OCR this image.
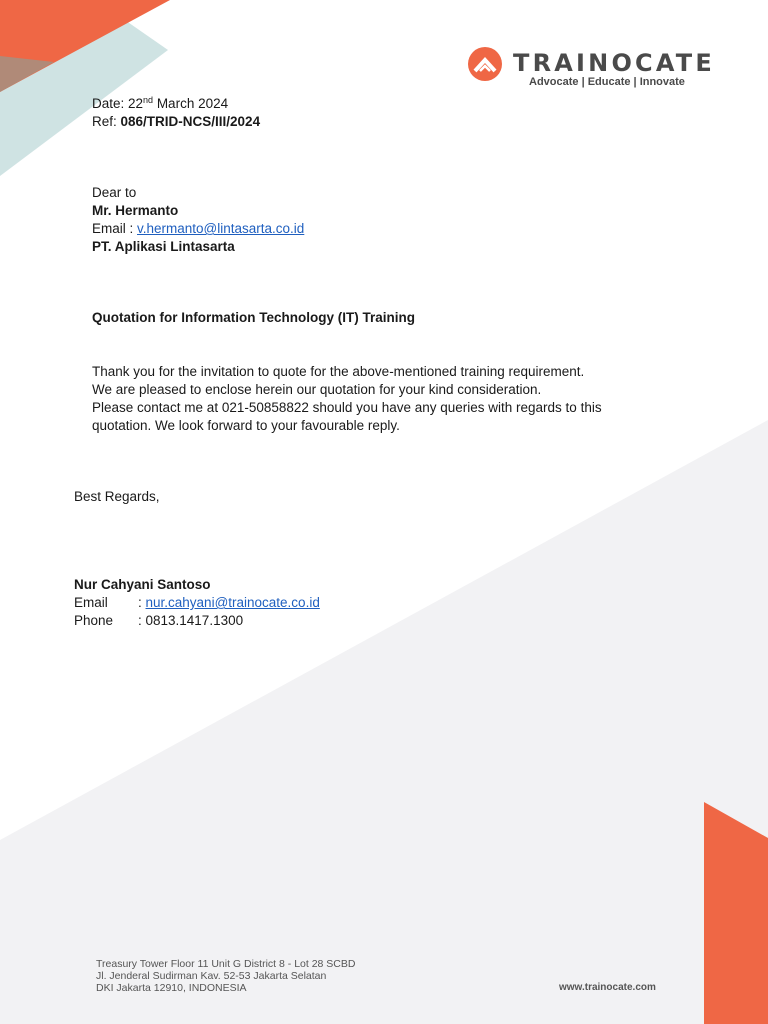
TRAINOCATE
Advocate | Educate | Innovate
Date: 22nd March 2024
Ref: 086/TRID-NCS/III/2024
Dear to
Mr. Hermanto
Email : v.hermanto@lintasarta.co.id
PT. Aplikasi Lintasarta
Quotation for Information Technology (IT) Training
Thank you for the invitation to quote for the above-mentioned training requirement.
We are pleased to enclose herein our quotation for your kind consideration.
Please contact me at 021-50858822 should you have any queries with regards to this
quotation. We look forward to your favourable reply.
Best Regards,
Nur Cahyani Santoso
Email : nur.cahyani@trainocate.co.id
Phone : 0813.1417.1300
Treasury Tower Floor 11 Unit G District 8 - Lot 28 SCBD
Jl. Jenderal Sudirman Kav. 52-53 Jakarta Selatan
DKI Jakarta 12910, INDONESIA	www.trainocate.com
